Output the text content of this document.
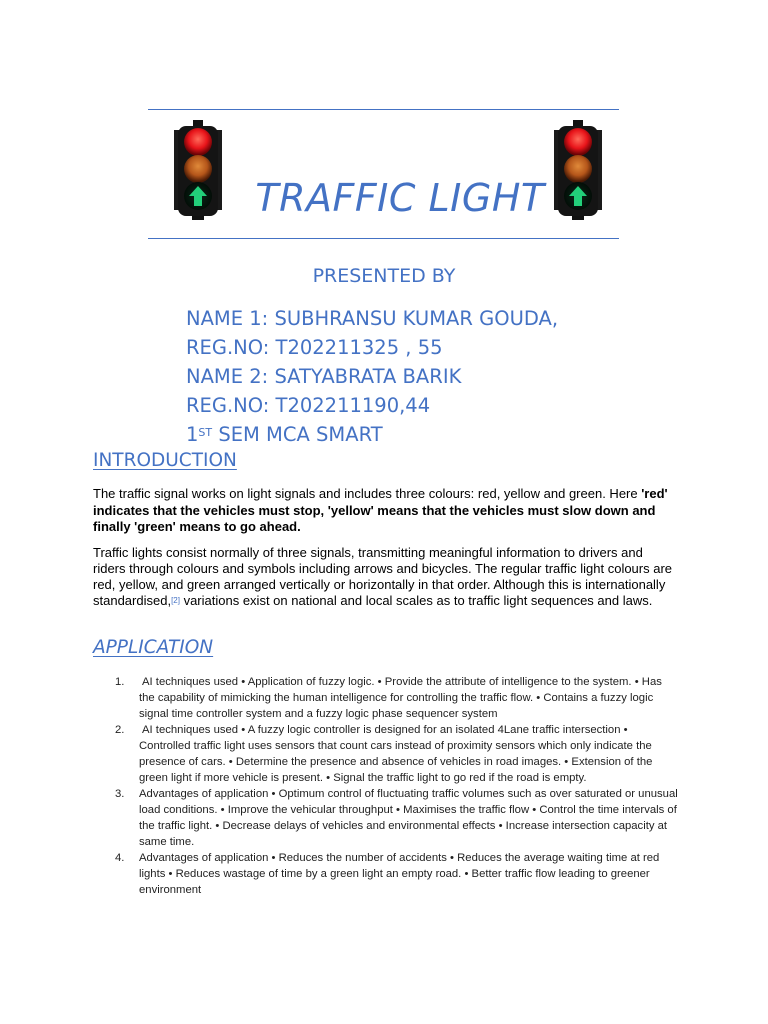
TRAFFIC LIGHT
PRESENTED BY
NAME 1: SUBHRANSU KUMAR GOUDA,
REG.NO: T202211325 , 55
NAME 2: SATYABRATA BARIK
REG.NO: T202211190,44
1ST SEM MCA SMART
INTRODUCTION
The traffic signal works on light signals and includes three colours: red, yellow and green. Here 'red' indicates that the vehicles must stop, 'yellow' means that the vehicles must slow down and finally 'green' means to go ahead.
Traffic lights consist normally of three signals, transmitting meaningful information to drivers and riders through colours and symbols including arrows and bicycles. The regular traffic light colours are red, yellow, and green arranged vertically or horizontally in that order. Although this is internationally standardised,[2] variations exist on national and local scales as to traffic light sequences and laws.
APPLICATION
1. AI techniques used • Application of fuzzy logic. • Provide the attribute of intelligence to the system. • Has the capability of mimicking the human intelligence for controlling the traffic flow. • Contains a fuzzy logic signal time controller system and a fuzzy logic phase sequencer system
2. AI techniques used • A fuzzy logic controller is designed for an isolated 4Lane traffic intersection • Controlled traffic light uses sensors that count cars instead of proximity sensors which only indicate the presence of cars. • Determine the presence and absence of vehicles in road images. • Extension of the green light if more vehicle is present. • Signal the traffic light to go red if the road is empty.
3. Advantages of application • Optimum control of fluctuating traffic volumes such as over saturated or unusual load conditions. • Improve the vehicular throughput • Maximises the traffic flow • Control the time intervals of the traffic light. • Decrease delays of vehicles and environmental effects • Increase intersection capacity at same time.
4. Advantages of application • Reduces the number of accidents • Reduces the average waiting time at red lights • Reduces wastage of time by a green light an empty road. • Better traffic flow leading to greener environment
